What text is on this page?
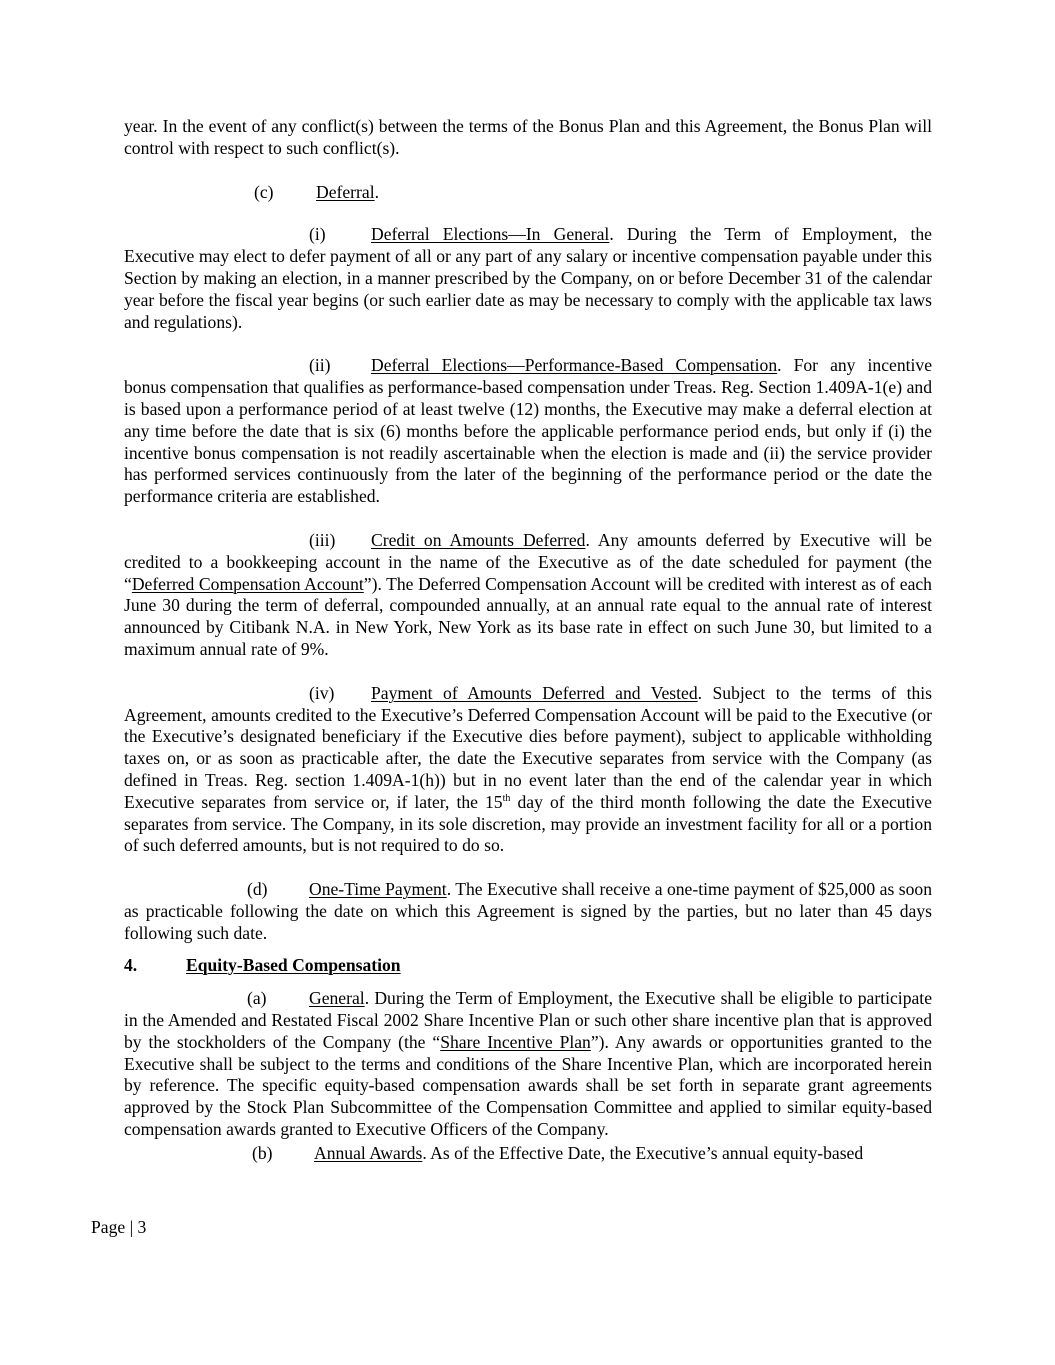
year. In the event of any conflict(s) between the terms of the Bonus Plan and this Agreement, the Bonus Plan will control with respect to such conflict(s).

(c) Deferral.

(i)	Deferral Elections—In General. During the Term of Employment, the Executive may elect to defer payment of all or any part of any salary or incentive compensation payable under this Section by making an election, in a manner prescribed by the Company, on or before December 31 of the calendar year before the fiscal year begins (or such earlier date as may be necessary to comply with the applicable tax laws and regulations).

(ii) Deferral Elections—Performance-Based Compensation. For any incentive bonus compensation that qualifies as performance-based compensation under Treas. Reg. Section 1.409A-1(e) and is based upon a performance period of at least twelve (12) months, the Executive may make a deferral election at any time before the date that is six (6) months before the applicable performance period ends, but only if (i) the incentive bonus compensation is not readily ascertainable when the election is made and (ii) the service provider has performed services continuously from the later of the beginning of the performance period or the date the performance criteria are established.

(iii) Credit on Amounts Deferred. Any amounts deferred by Executive will be credited to a bookkeeping account in the name of the Executive as of the date scheduled for payment (the “Deferred Compensation Account”). The Deferred Compensation Account will be credited with interest as of each June 30 during the term of deferral, compounded annually, at an annual rate equal to the annual rate of interest announced by Citibank N.A. in New York, New York as its base rate in effect on such June 30, but limited to a maximum annual rate of 9%.

(iv) Payment of Amounts Deferred and Vested. Subject to the terms of this Agreement, amounts credited to the Executive’s Deferred Compensation Account will be paid to the Executive (or the Executive’s designated beneficiary if the Executive dies before payment), subject to applicable withholding taxes on, or as soon as practicable after, the date the Executive separates from service with the Company (as defined in Treas. Reg. section 1.409A-1(h)) but in no event later than the end of the calendar year in which Executive separates from service or, if later, the 15th day of the third month following the date the Executive separates from service. The Company, in its sole discretion, may provide an investment facility for all or a portion of such deferred amounts, but is not required to do so.

(d) One-Time Payment. The Executive shall receive a one-time payment of $25,000 as soon as practicable following the date on which this Agreement is signed by the parties, but no later than 45 days following such date.

4.	Equity-Based Compensation

(a) General. During the Term of Employment, the Executive shall be eligible to participate in the Amended and Restated Fiscal 2002 Share Incentive Plan or such other share incentive plan that is approved by the stockholders of the Company (the “Share Incentive Plan”). Any awards or opportunities granted to the Executive shall be subject to the terms and conditions of the Share Incentive Plan, which are incorporated herein by reference. The specific equity-based compensation awards shall be set forth in separate grant agreements approved by the Stock Plan Subcommittee of the Compensation Committee and applied to similar equity-based compensation awards granted to Executive Officers of the Company.

(b) Annual Awards. As of the Effective Date, the Executive’s annual equity-based

Page | 3
